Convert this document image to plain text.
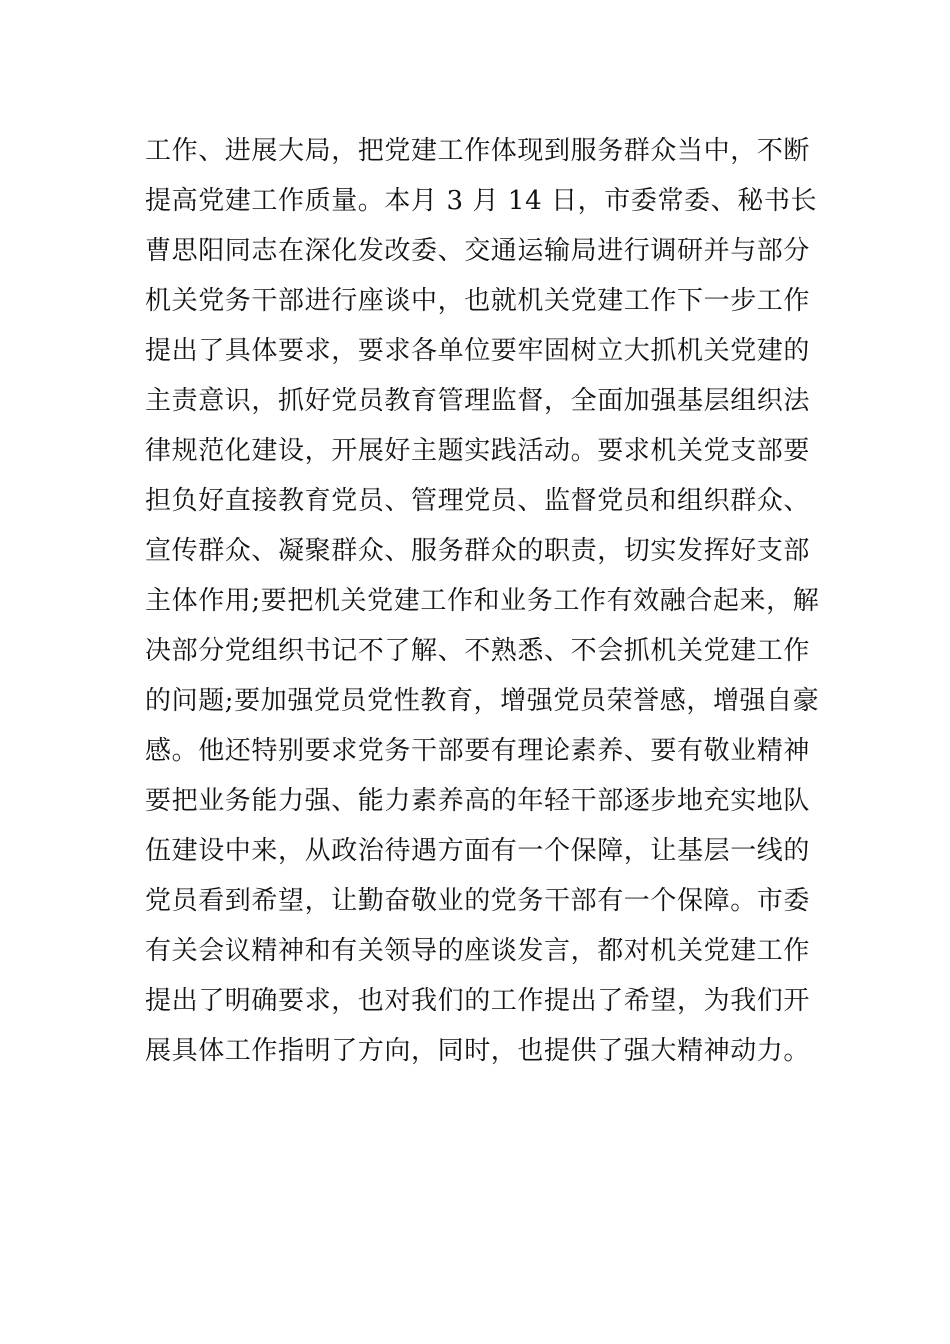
工作、进展大局，把党建工作体现到服务群众当中，不断
提高党建工作质量。本月 3 月 14 日，市委常委、秘书长
曹思阳同志在深化发改委、交通运输局进行调研并与部分
机关党务干部进行座谈中，也就机关党建工作下一步工作
提出了具体要求，要求各单位要牢固树立大抓机关党建的
主责意识，抓好党员教育管理监督，全面加强基层组织法
律规范化建设，开展好主题实践活动。要求机关党支部要
担负好直接教育党员、管理党员、监督党员和组织群众、
宣传群众、凝聚群众、服务群众的职责，切实发挥好支部
主体作用;要把机关党建工作和业务工作有效融合起来，解
决部分党组织书记不了解、不熟悉、不会抓机关党建工作
的问题;要加强党员党性教育，增强党员荣誉感，增强自豪
感。他还特别要求党务干部要有理论素养、要有敬业精神
要把业务能力强、能力素养高的年轻干部逐步地充实地队
伍建设中来，从政治待遇方面有一个保障，让基层一线的
党员看到希望，让勤奋敬业的党务干部有一个保障。市委
有关会议精神和有关领导的座谈发言，都对机关党建工作
提出了明确要求，也对我们的工作提出了希望，为我们开
展具体工作指明了方向，同时，也提供了强大精神动力。
